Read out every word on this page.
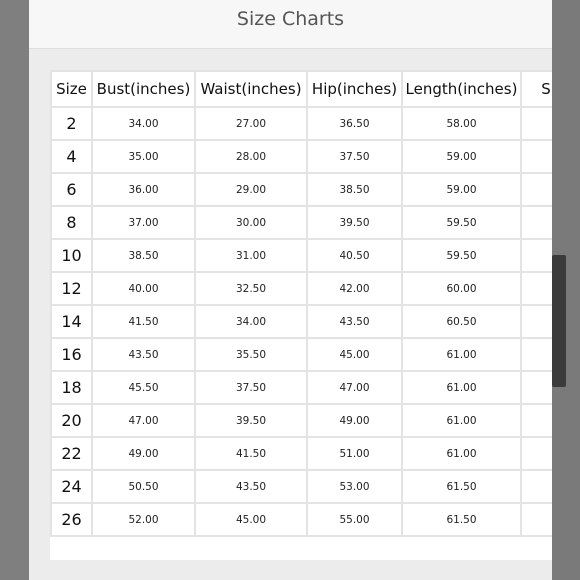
Size Charts
Size	Bust(inches)	Waist(inches)	Hip(inches)	Length(inches)	S
2	34.00	27.00	36.50	58.00	
4	35.00	28.00	37.50	59.00	
6	36.00	29.00	38.50	59.00	
8	37.00	30.00	39.50	59.50	
10	38.50	31.00	40.50	59.50	
12	40.00	32.50	42.00	60.00	
14	41.50	34.00	43.50	60.50	
16	43.50	35.50	45.00	61.00	
18	45.50	37.50	47.00	61.00	
20	47.00	39.50	49.00	61.00	
22	49.00	41.50	51.00	61.00	
24	50.50	43.50	53.00	61.50	
26	52.00	45.00	55.00	61.50	
